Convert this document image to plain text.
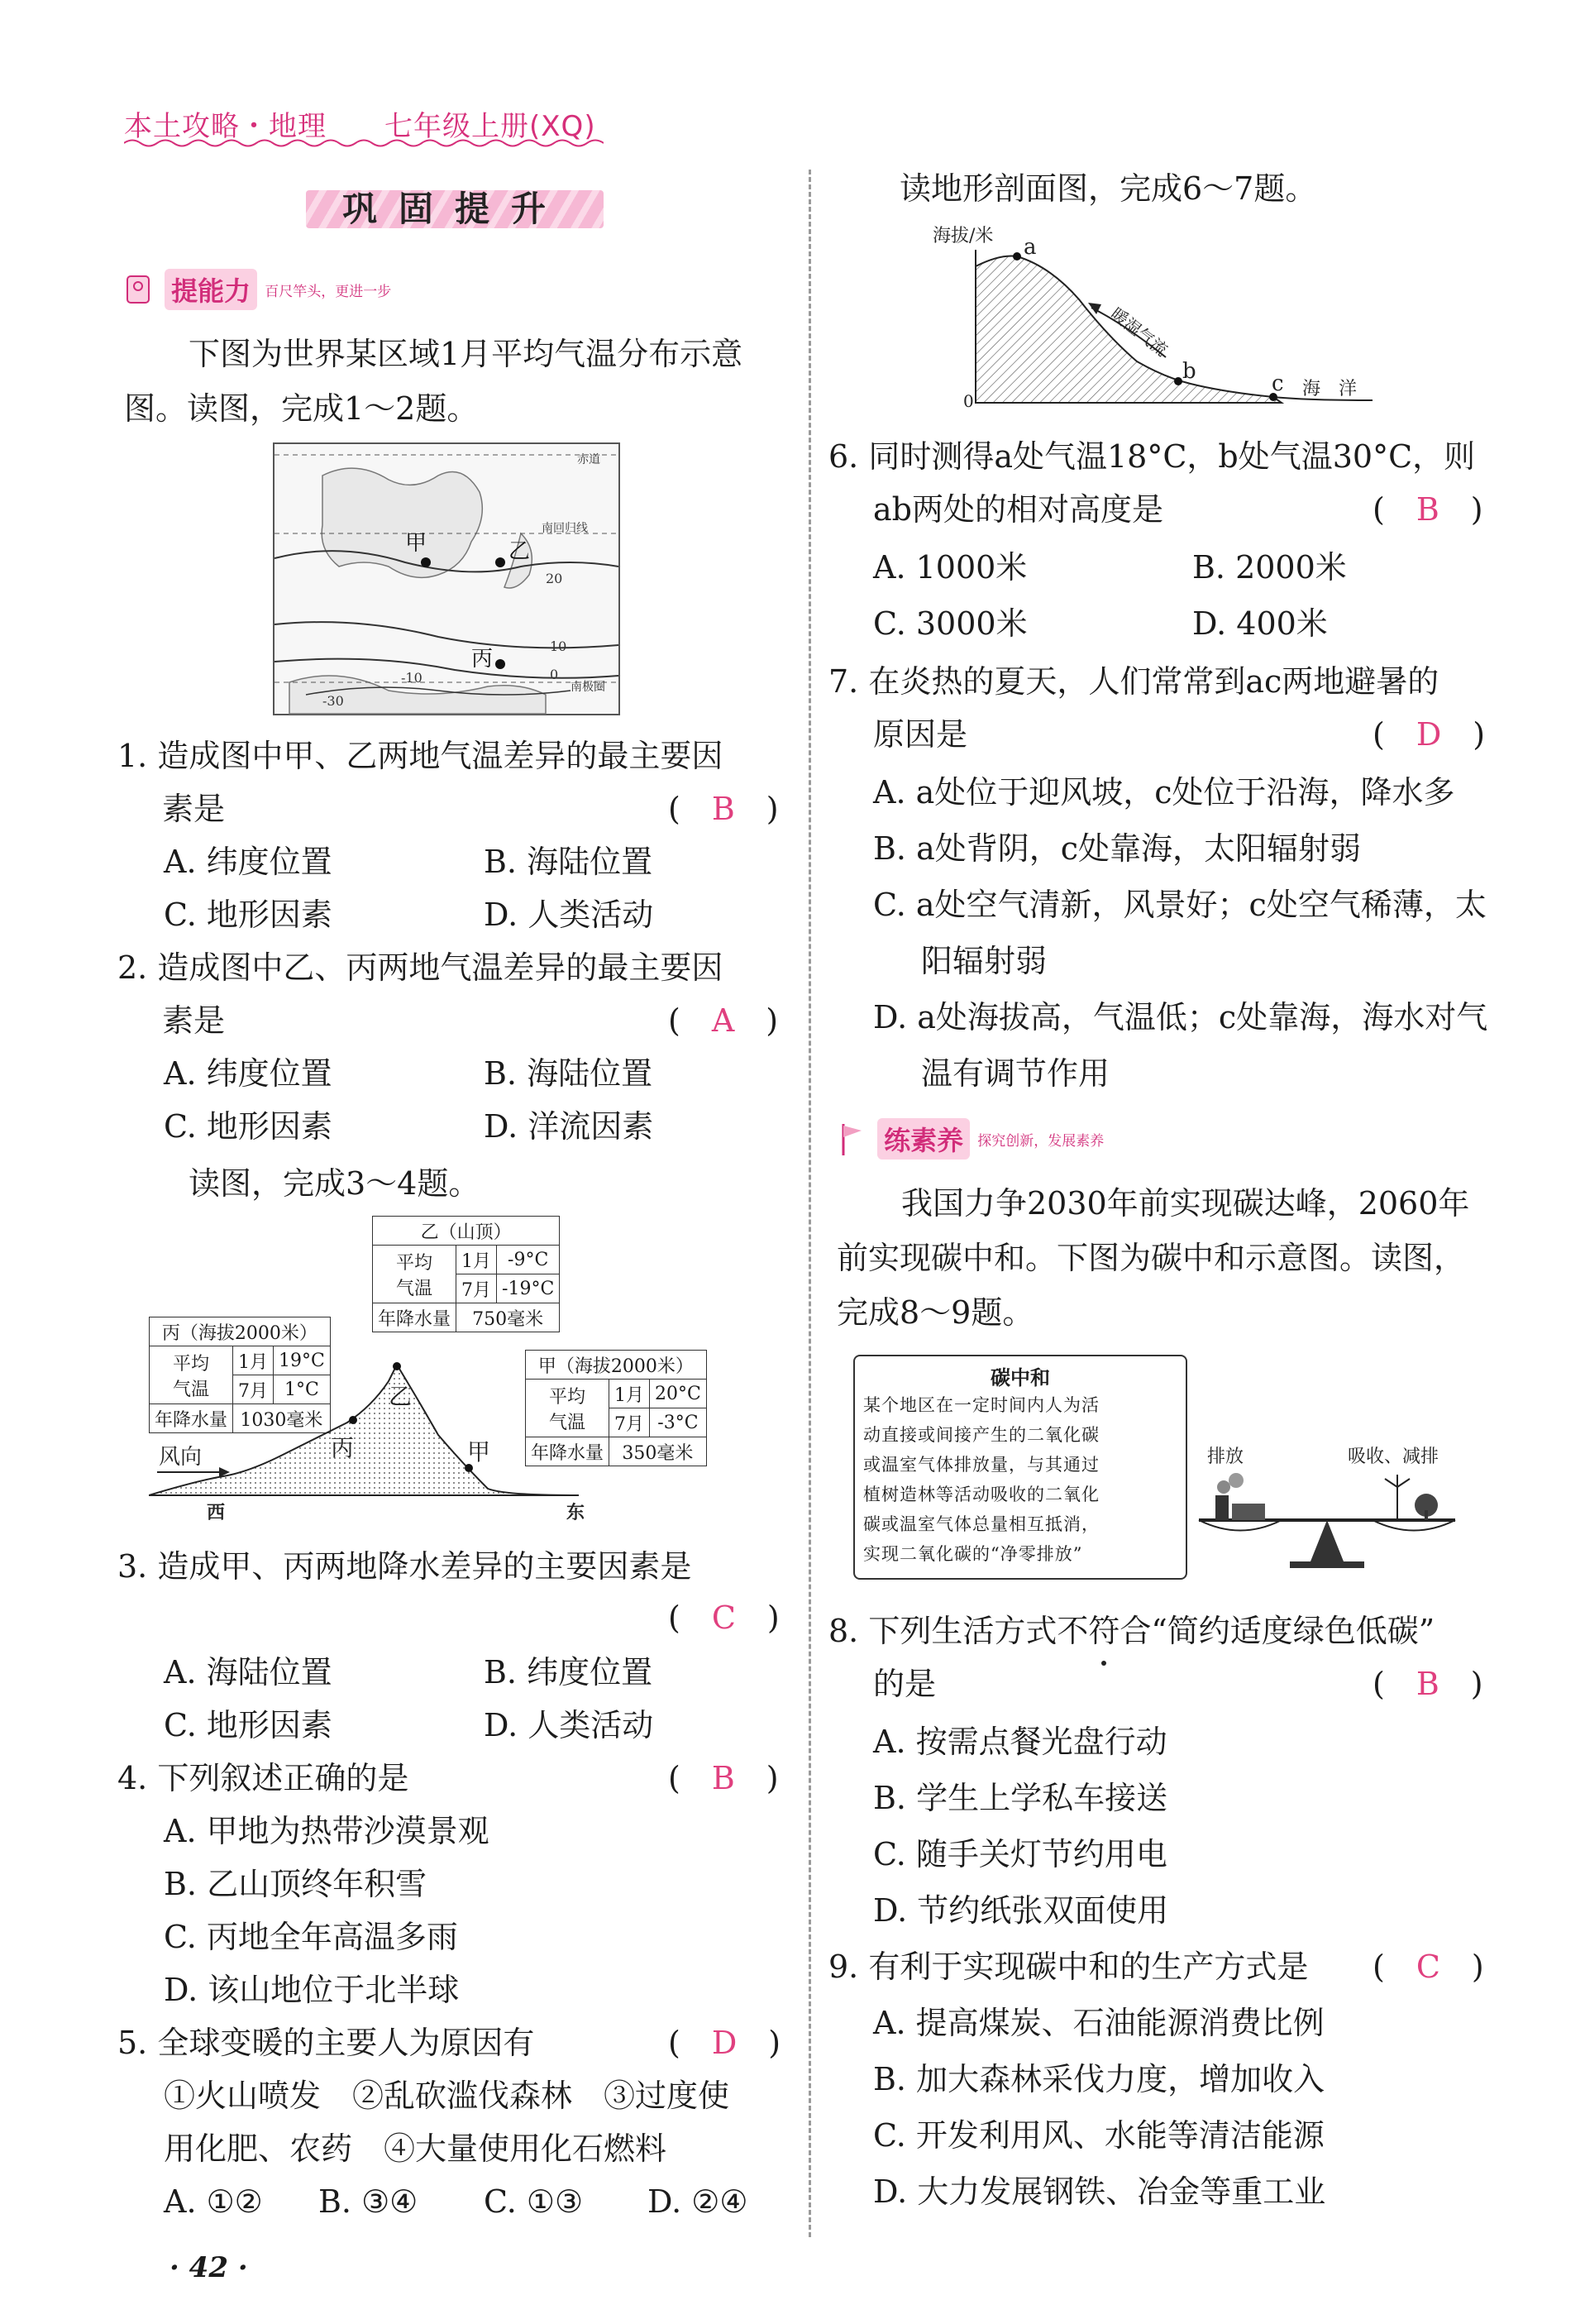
本土攻略・地理　　七年级上册(XQ)
巩固提升
提能力 百尺竿头，更进一步
下图为世界某区域1月平均气温分布示意图。读图，完成1～2题。
赤道
南回归线
南极圈
甲	乙
丙
20
10
0
-10
-30
1. 造成图中甲、乙两地气温差异的最主要因
素是	(　B　)
A. 纬度位置	B. 海陆位置
C. 地形因素	D. 人类活动
2. 造成图中乙、丙两地气温差异的最主要因
素是	(　A　)
A. 纬度位置	B. 海陆位置
C. 地形因素	D. 洋流因素
读图，完成3～4题。
乙（山顶）		
平均
气温	1月	-9°C
	7月	-19°C
年降水量	750毫米	
丙（海拔2000米）		
平均
气温	1月	19°C
	7月	1°C
年降水量	1030毫米	
甲（海拔2000米）		
平均
气温	1月	20°C
	7月	-3°C
年降水量	350毫米	
风向
乙
丙	甲
西	东
3. 造成甲、丙两地降水差异的主要因素是
(　C　)
A. 海陆位置	B. 纬度位置
C. 地形因素	D. 人类活动
4. 下列叙述正确的是	(　B　)
A. 甲地为热带沙漠景观
B. 乙山顶终年积雪
C. 丙地全年高温多雨
D. 该山地位于北半球
5. 全球变暖的主要人为原因有	(　D　)
①火山喷发　②乱砍滥伐森林　③过度使
用化肥、农药　④大量使用化石燃料
A. ①② B. ③④ C. ①③ D. ②④
· 42 ·
读地形剖面图，完成6～7题。
海拔/米 a
b	c
0
海　洋
暖湿气流
6. 同时测得a处气温18°C，b处气温30°C，则
ab两处的相对高度是	(　B　)
A. 1000米	B. 2000米
C. 3000米	D. 400米
7. 在炎热的夏天，人们常常到ac两地避暑的
原因是	(　D　)
A. a处位于迎风坡，c处位于沿海，降水多
B. a处背阴，c处靠海，太阳辐射弱
C. a处空气清新，风景好；c处空气稀薄，太
阳辐射弱
D. a处海拔高，气温低；c处靠海，海水对气
温有调节作用
练素养 探究创新，发展素养
我国力争2030年前实现碳达峰，2060年
前实现碳中和。下图为碳中和示意图。读图，
完成8～9题。
碳中和
某个地区在一定时间内人为活
动直接或间接产生的二氧化碳
或温室气体排放量，与其通过
植树造林等活动吸收的二氧化
碳或温室气体总量相互抵消，
实现二氧化碳的“净零排放”
排放	吸收、减排
8. 下列生活方式不符合“简约适度绿色低碳”
的是	(　B　)
A. 按需点餐光盘行动
B. 学生上学私车接送
C. 随手关灯节约用电
D. 节约纸张双面使用
9. 有利于实现碳中和的生产方式是 (　C　)
A. 提高煤炭、石油能源消费比例
B. 加大森林采伐力度，增加收入
C. 开发利用风、水能等清洁能源
D. 大力发展钢铁、冶金等重工业
